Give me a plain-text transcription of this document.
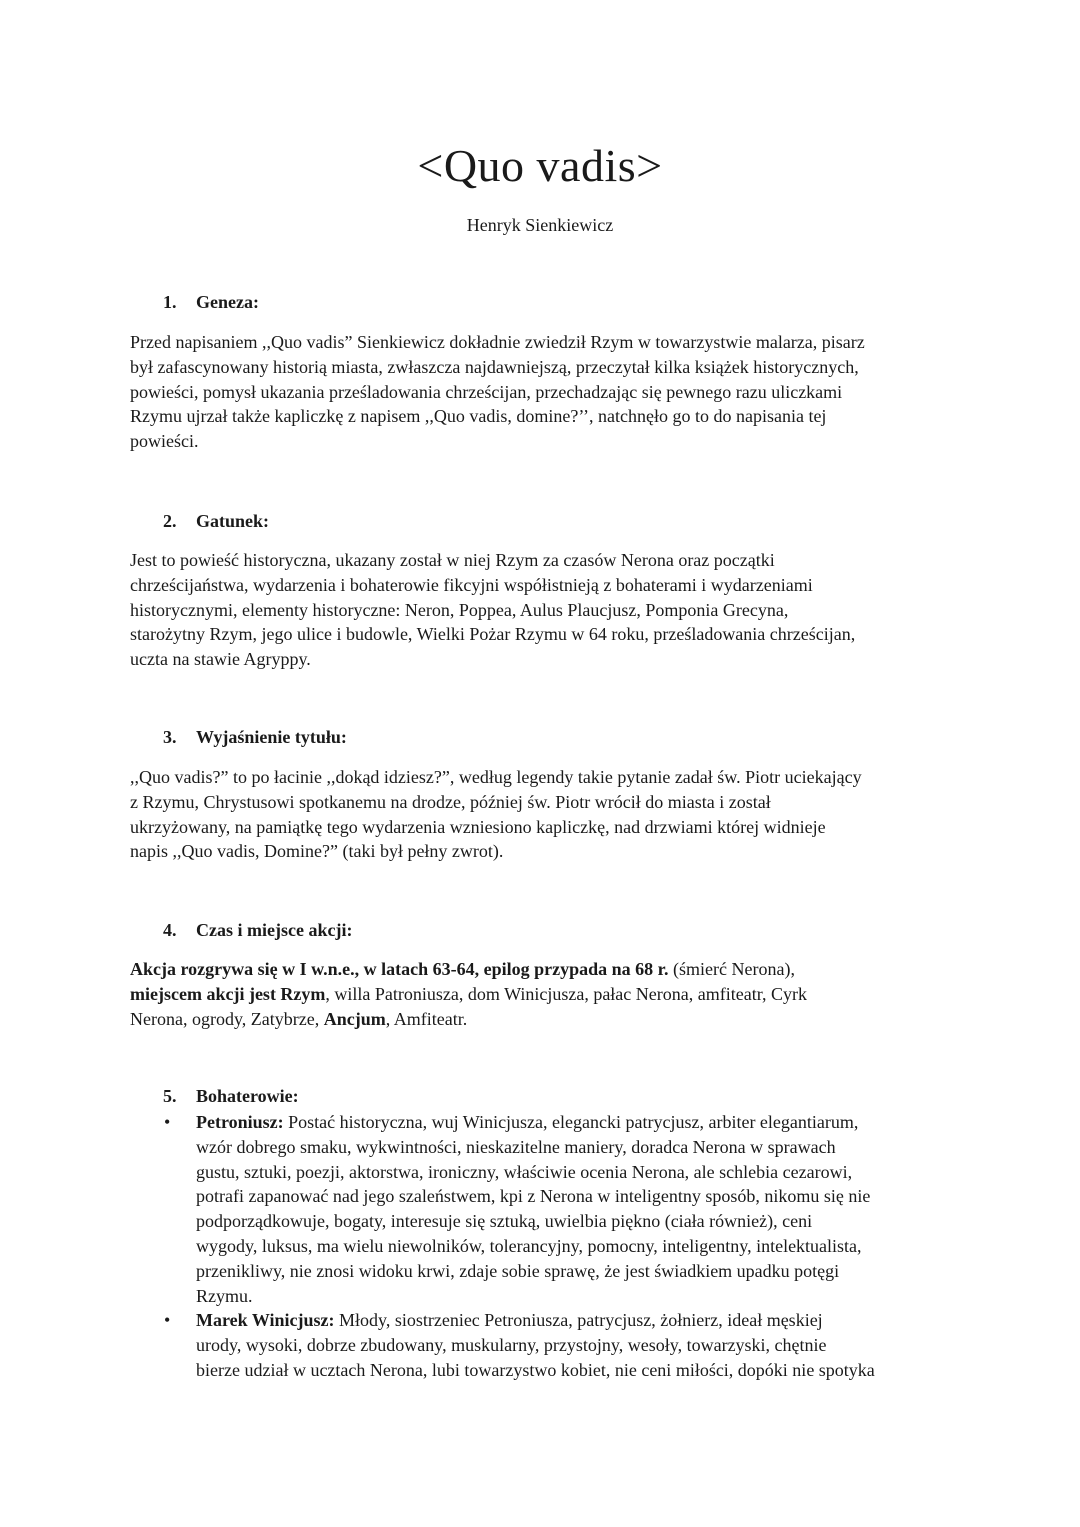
<Quo vadis>
Henryk Sienkiewicz
1. Geneza:
Przed napisaniem ,,Quo vadis” Sienkiewicz dokładnie zwiedził Rzym w towarzystwie malarza, pisarz
był zafascynowany historią miasta, zwłaszcza najdawniejszą, przeczytał kilka książek historycznych,
powieści, pomysł ukazania prześladowania chrześcijan, przechadzając się pewnego razu uliczkami
Rzymu ujrzał także kapliczkę z napisem ,,Quo vadis, domine?’’, natchnęło go to do napisania tej
powieści.
2. Gatunek:
Jest to powieść historyczna, ukazany został w niej Rzym za czasów Nerona oraz początki
chrześcijaństwa, wydarzenia i bohaterowie fikcyjni współistnieją z bohaterami i wydarzeniami
historycznymi, elementy historyczne: Neron, Poppea, Aulus Plaucjusz, Pomponia Grecyna,
starożytny Rzym, jego ulice i budowle, Wielki Pożar Rzymu w 64 roku, prześladowania chrześcijan,
uczta na stawie Agryppy.
3. Wyjaśnienie tytułu:
,,Quo vadis?” to po łacinie ,,dokąd idziesz?”, według legendy takie pytanie zadał św. Piotr uciekający
z Rzymu, Chrystusowi spotkanemu na drodze, później św. Piotr wrócił do miasta i został
ukrzyżowany, na pamiątkę tego wydarzenia wzniesiono kapliczkę, nad drzwiami której widnieje
napis ,,Quo vadis, Domine?” (taki był pełny zwrot).
4. Czas i miejsce akcji:
Akcja rozgrywa się w I w.n.e., w latach 63-64, epilog przypada na 68 r. (śmierć Nerona),
miejscem akcji jest Rzym, willa Patroniusza, dom Winicjusza, pałac Nerona, amfiteatr, Cyrk
Nerona, ogrody, Zatybrze, Ancjum, Amfiteatr.
5. Bohaterowie:
• Petroniusz: Postać historyczna, wuj Winicjusza, elegancki patrycjusz, arbiter elegantiarum,
wzór dobrego smaku, wykwintności, nieskazitelne maniery, doradca Nerona w sprawach
gustu, sztuki, poezji, aktorstwa, ironiczny, właściwie ocenia Nerona, ale schlebia cezarowi,
potrafi zapanować nad jego szaleństwem, kpi z Nerona w inteligentny sposób, nikomu się nie
podporządkowuje, bogaty, interesuje się sztuką, uwielbia piękno (ciała również), ceni
wygody, luksus, ma wielu niewolników, tolerancyjny, pomocny, inteligentny, intelektualista,
przenikliwy, nie znosi widoku krwi, zdaje sobie sprawę, że jest świadkiem upadku potęgi
Rzymu.
• Marek Winicjusz: Młody, siostrzeniec Petroniusza, patrycjusz, żołnierz, ideał męskiej
urody, wysoki, dobrze zbudowany, muskularny, przystojny, wesoły, towarzyski, chętnie
bierze udział w ucztach Nerona, lubi towarzystwo kobiet, nie ceni miłości, dopóki nie spotyka
